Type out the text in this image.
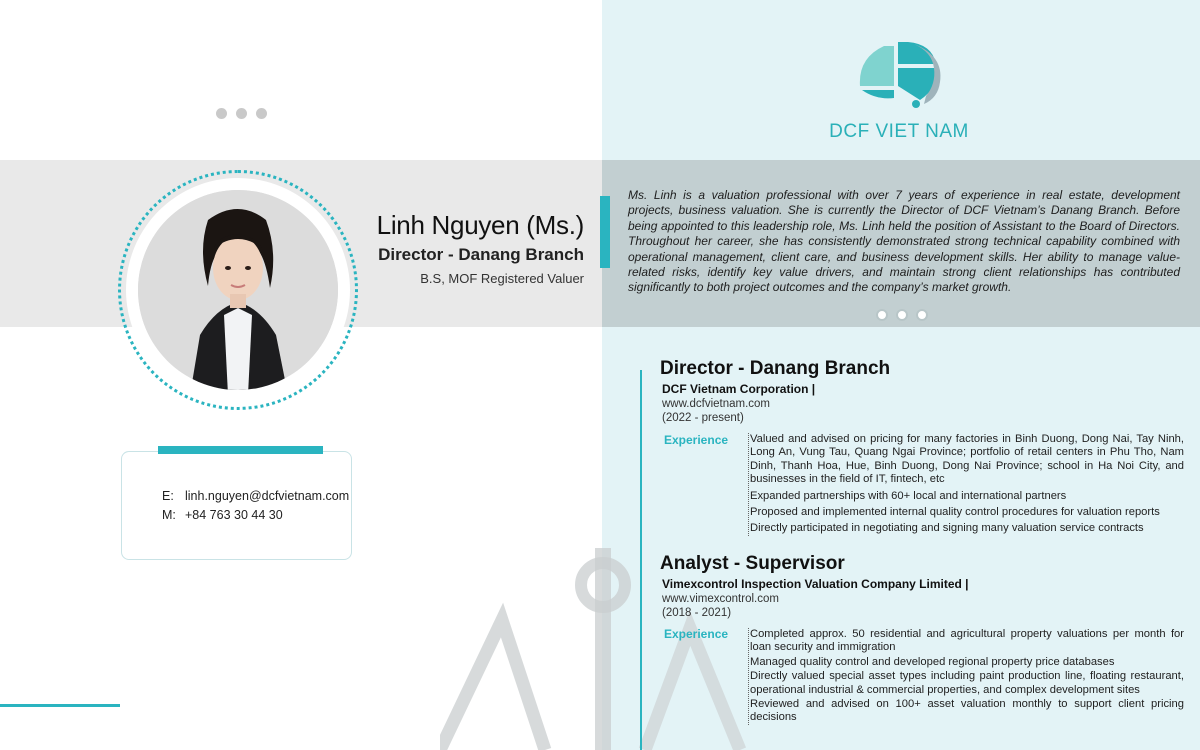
Linh Nguyen (Ms.)
Director - Danang Branch
B.S, MOF Registered Valuer
E: linh.nguyen@dcfvietnam.com
M: +84 763 30 44 30
DCF VIET NAM
Ms. Linh is a valuation professional with over 7 years of experience in real estate, development projects, business valuation. She is currently the Director of DCF Vietnam’s Danang Branch. Before being appointed to this leadership role, Ms. Linh held the position of Assistant to the Board of Directors. Throughout her career, she has consistently demonstrated strong technical capability combined with operational management, client care, and business development skills. Her ability to manage value-related risks, identify key value drivers, and maintain strong client relationships has contributed significantly to both project outcomes and the company’s market growth.
Director - Danang Branch
DCF Vietnam Corporation |
www.dcfvietnam.com
(2022 - present)
Experience Valued and advised on pricing for many factories in Binh Duong, Dong Nai, Tay Ninh, Long An, Vung Tau, Quang Ngai Province; portfolio of retail centers in Phu Tho, Nam Dinh, Thanh Hoa, Hue, Binh Duong, Dong Nai Province; school in Ha Noi City, and businesses in the field of IT, fintech, etc
Expanded partnerships with 60+ local and international partners
Proposed and implemented internal quality control procedures for valuation reports
Directly participated in negotiating and signing many valuation service contracts
Analyst - Supervisor
Vimexcontrol Inspection Valuation Company Limited |
www.vimexcontrol.com
(2018 - 2021)
Experience Completed approx. 50 residential and agricultural property valuations per month for loan security and immigration
Managed quality control and developed regional property price databases
Directly valued special asset types including paint production line, floating restaurant, operational industrial & commercial properties, and complex development sites
Reviewed and advised on 100+ asset valuation monthly to support client pricing decisions
